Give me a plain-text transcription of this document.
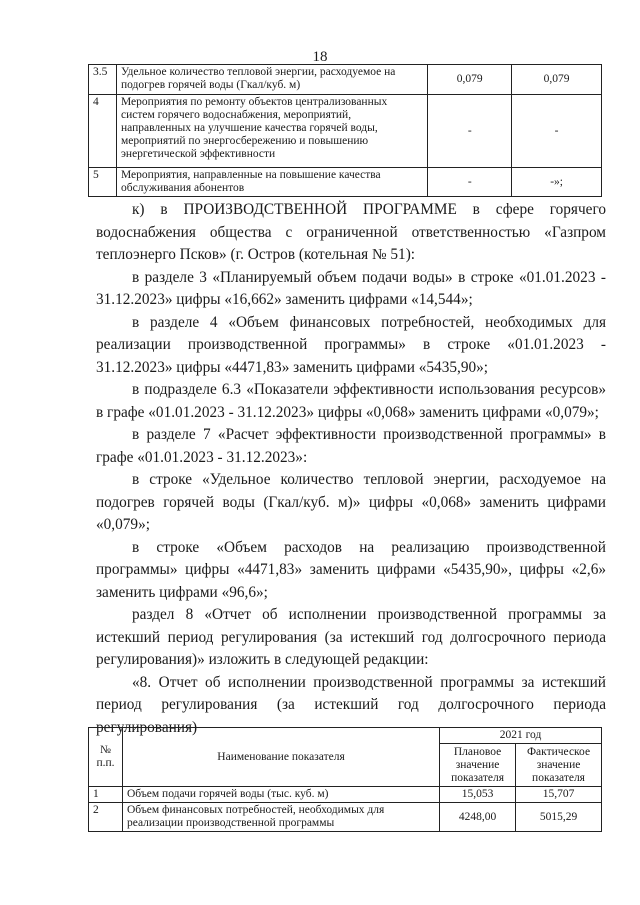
18
3.5	Удельное количество тепловой энергии, расходуемое на подогрев горячей воды (Гкал/куб. м)	0,079	0,079
4	Мероприятия по ремонту объектов централизованных систем горячего водоснабжения, мероприятий, направленных на улучшение качества горячей воды, мероприятий по энергосбережению и повышению энергетической эффективности	-	-
5	Мероприятия, направленные на повышение качества обслуживания абонентов	-	-»;

к) в ПРОИЗВОДСТВЕННОЙ ПРОГРАММЕ в сфере горячего водоснабжения общества с ограниченной ответственностью «Газпром теплоэнерго Псков» (г. Остров (котельная № 51):

в разделе 3 «Планируемый объем подачи воды» в строке «01.01.2023 - 31.12.2023» цифры «16,662» заменить цифрами «14,544»;

в разделе 4 «Объем финансовых потребностей, необходимых для реализации производственной программы» в строке «01.01.2023 - 31.12.2023» цифры «4471,83» заменить цифрами «5435,90»;

в подразделе 6.3 «Показатели эффективности использования ресурсов» в графе «01.01.2023 - 31.12.2023» цифры «0,068» заменить цифрами «0,079»;

в разделе 7 «Расчет эффективности производственной программы» в графе «01.01.2023 - 31.12.2023»:

в строке «Удельное количество тепловой энергии, расходуемое на подогрев горячей воды (Гкал/куб. м)» цифры «0,068» заменить цифрами «0,079»;

в строке «Объем расходов на реализацию производственной программы» цифры «4471,83» заменить цифрами «5435,90», цифры «2,6» заменить цифрами «96,6»;

раздел 8 «Отчет об исполнении производственной программы за истекший период регулирования (за истекший год долгосрочного периода регулирования)» изложить в следующей редакции:

«8. Отчет об исполнении производственной программы за истекший период регулирования (за истекший год долгосрочного периода регулирования)

№ п.п.	Наименование показателя	2021 год	
		Плановое значение показателя	Фактическое значение показателя
1	Объем подачи горячей воды (тыс. куб. м)	15,053	15,707
2	Объем финансовых потребностей, необходимых для реализации производственной программы	4248,00	5015,29
